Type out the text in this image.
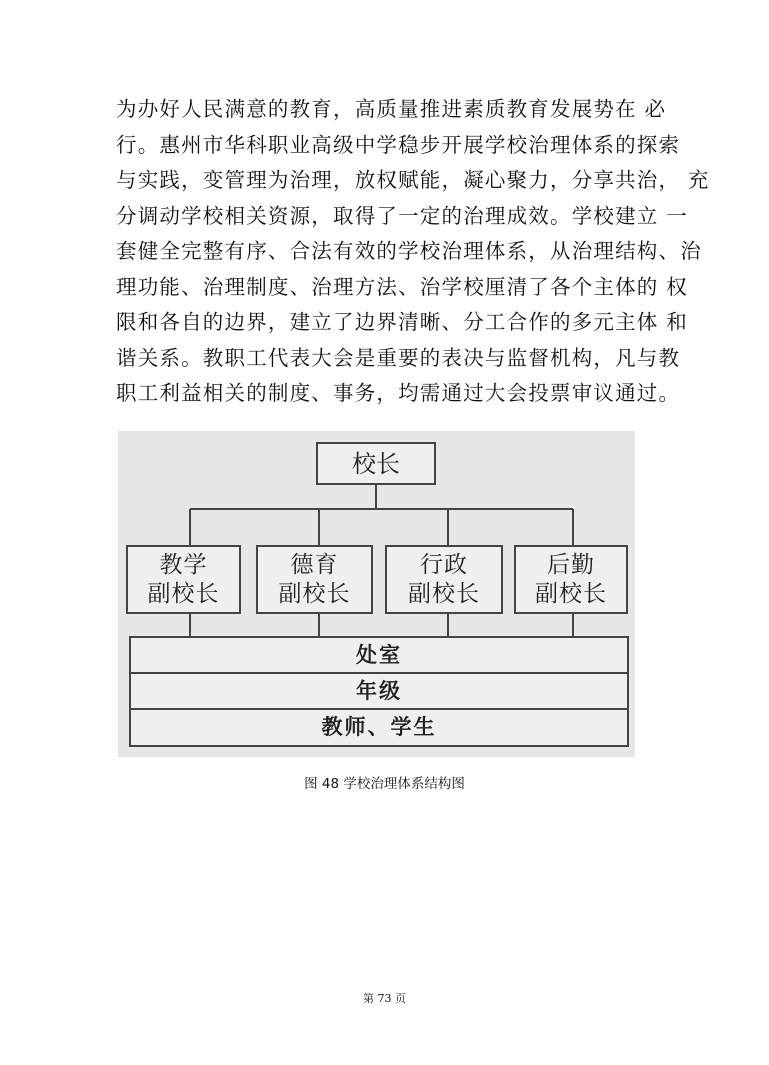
为办好人民满意的教育，高质量推进素质教育发展势在 必
行。惠州市华科职业高级中学稳步开展学校治理体系的探索
与实践，变管理为治理，放权赋能，凝心聚力，分享共治， 充
分调动学校相关资源，取得了一定的治理成效。学校建立 一
套健全完整有序、合法有效的学校治理体系，从治理结构、治
理功能、治理制度、治理方法、治学校厘清了各个主体的 权
限和各自的边界，建立了边界清晰、分工合作的多元主体 和
谐关系。教职工代表大会是重要的表决与监督机构，凡与教
职工利益相关的制度、事务，均需通过大会投票审议通过。
校长
教学
副校长
德育
副校长
行政
副校长
后勤
副校长
处室
年级
教师、学生
图 48 学校治理体系结构图
第 73 页
